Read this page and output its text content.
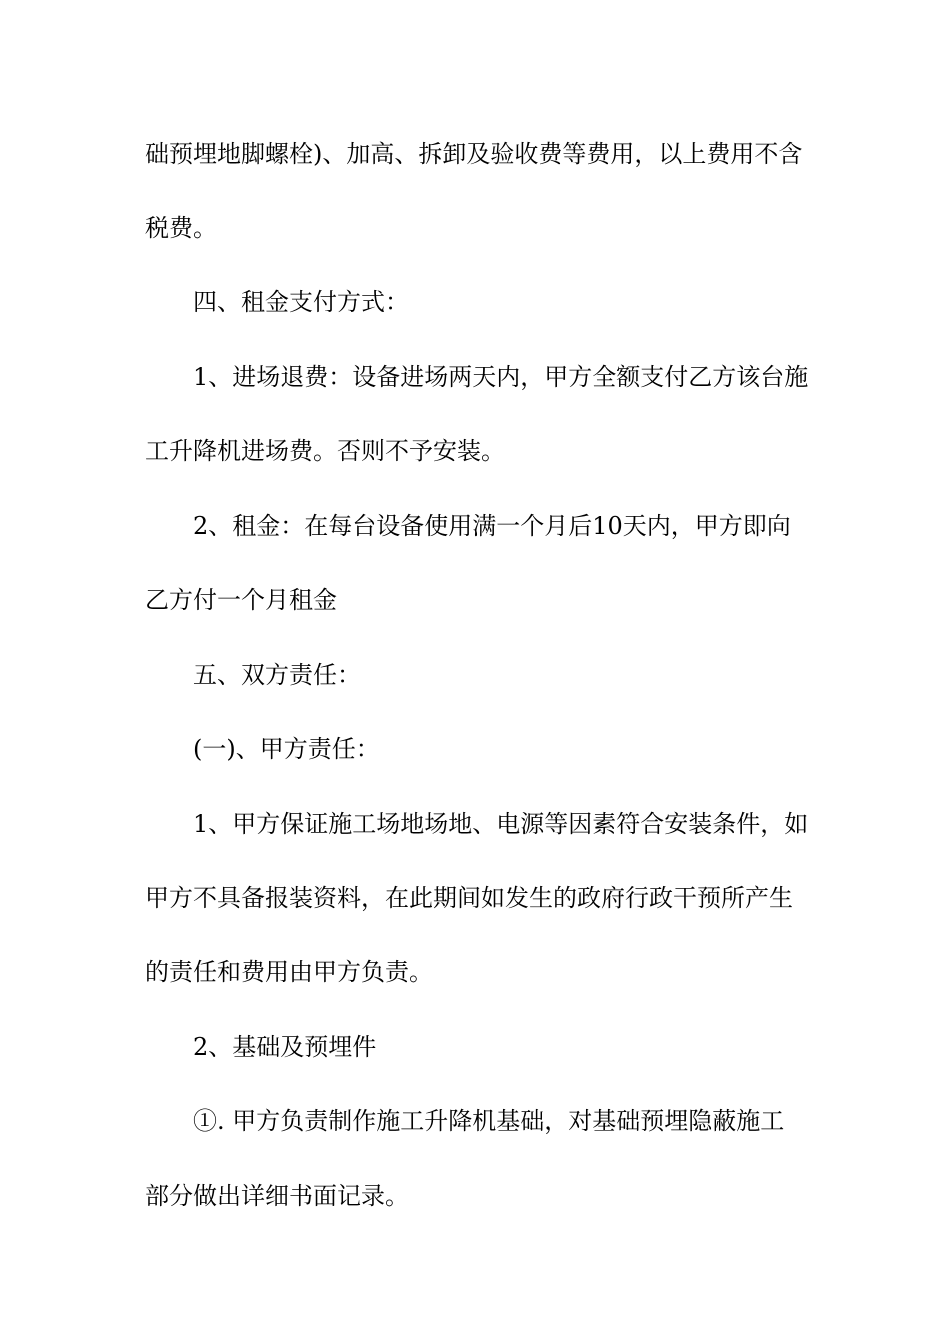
础预埋地脚螺栓)、加高、拆卸及验收费等费用，以上费用不含
税费。
四、租金支付方式：
1、进场退费：设备进场两天内，甲方全额支付乙方该台施
工升降机进场费。否则不予安装。
2、租金：在每台设备使用满一个月后10天内，甲方即向
乙方付一个月租金
五、双方责任：
(一)、甲方责任：
1、甲方保证施工场地场地、电源等因素符合安装条件，如
甲方不具备报装资料，在此期间如发生的政府行政干预所产生
的责任和费用由甲方负责。
2、基础及预埋件
①. 甲方负责制作施工升降机基础，对基础预埋隐蔽施工
部分做出详细书面记录。
